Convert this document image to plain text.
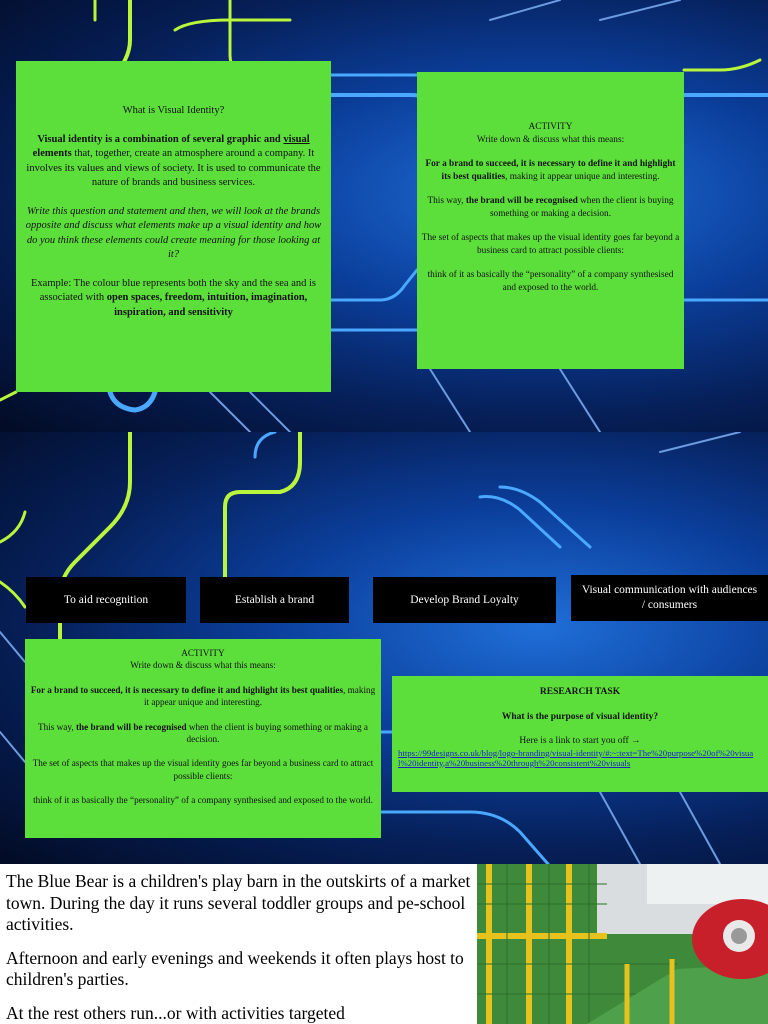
What is Visual Identity?

Visual identity is a combination of several graphic and visual elements that, together, create an atmosphere around a company. It involves its values and views of society. It is used to communicate the nature of brands and business services.

Write this question and statement and then, we will look at the brands opposite and discuss what elements make up a visual identity and how do you think these elements could create meaning for those looking at it?

Example: The colour blue represents both the sky and the sea and is associated with open spaces, freedom, intuition, imagination, inspiration, and sensitivity

ACTIVITY

Write down & discuss what this means:

For a brand to succeed, it is necessary to define it and highlight its best qualities, making it appear unique and interesting.

This way, the brand will be recognised when the client is buying something or making a decision.

The set of aspects that makes up the visual identity goes far beyond a business card to attract possible clients:

think of it as basically the “personality” of a company synthesised and exposed to the world.

To aid recognition	Establish a brand	Develop Brand Loyalty
Visual communication with audiences / consumers

ACTIVITY

Write down & discuss what this means:

For a brand to succeed, it is necessary to define it and highlight its best qualities, making it appear unique and interesting.

This way, the brand will be recognised when the client is buying something or making a decision.

The set of aspects that makes up the visual identity goes far beyond a business card to attract possible clients:

think of it as basically the “personality” of a company synthesised and exposed to the world.

RESEARCH TASK

What is the purpose of visual identity?

Here is a link to start you off →

https://99designs.co.uk/blog/logo-branding/visual-identity/#:~:text=The%20purpose%20of%20visual%20identity,a%20business%20through%20consistent%20visuals

The Blue Bear is a children's play barn in the outskirts of a market town. During the day it runs several toddler groups and pe-school activities.

Afternoon and early evenings and weekends it often plays host to children's parties.

At the rest others run...or with activities targeted
